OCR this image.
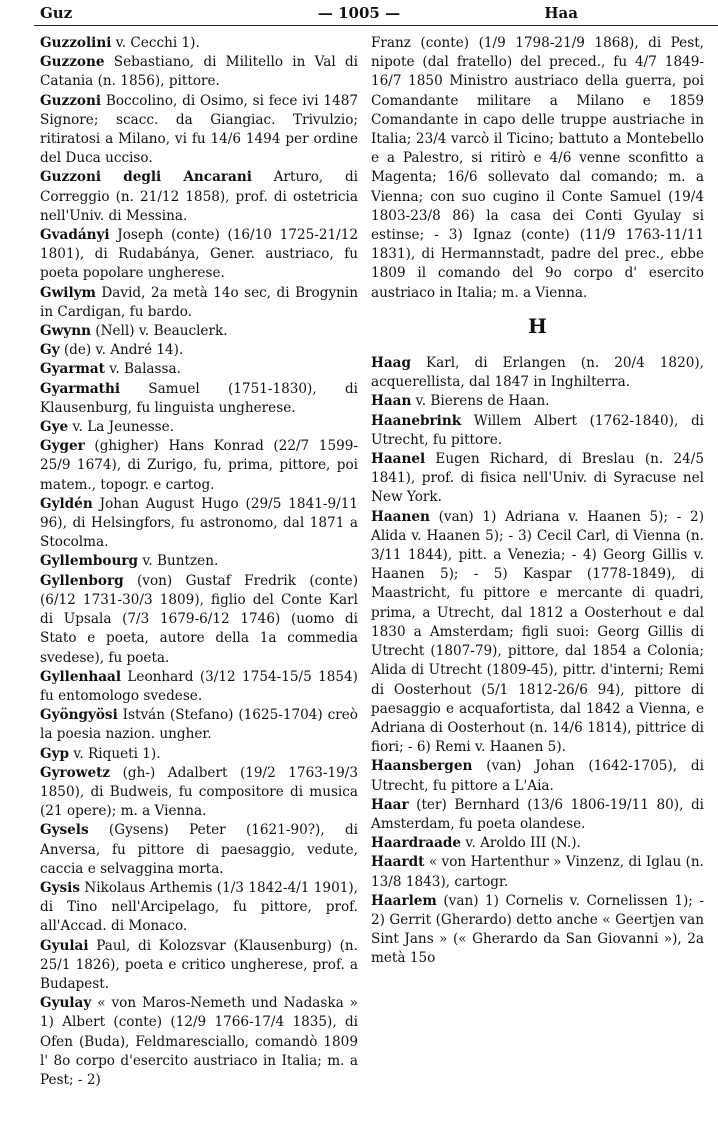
Guz	— 1005 —	Haa

Guzzolini v. Cecchi 1).

Guzzone Sebastiano, di Militello in Val di Catania (n. 1856), pittore.

Guzzoni Boccolino, di Osimo, si fece ivi 1487 Signore; scacc. da Giangiac. Trivulzio; ritiratosi a Milano, vi fu 14/6 1494 per ordine del Duca ucciso.

Guzzoni degli Ancarani Arturo, di Correggio (n. 21/12 1858), prof. di ostetricia nell'Univ. di Messina.

Gvadányi Joseph (conte) (16/10 1725-21/12 1801), di Rudabánya, Gener. austriaco, fu poeta popolare ungherese.

Gwilym David, 2a metà 14o sec, di Brogynin in Cardigan, fu bardo.

Gwynn (Nell) v. Beauclerk.

Gy (de) v. André 14).

Gyarmat v. Balassa.

Gyarmathi Samuel (1751-1830), di Klausenburg, fu linguista ungherese.

Gye v. La Jeunesse.

Gyger (ghigher) Hans Konrad (22/7 1599-25/9 1674), di Zurigo, fu, prima, pittore, poi matem., topogr. e cartog.

Gyldén Johan August Hugo (29/5 1841-9/11 96), di Helsingfors, fu astronomo, dal 1871 a Stocolma.

Gyllembourg v. Buntzen.

Gyllenborg (von) Gustaf Fredrik (conte) (6/12 1731-30/3 1809), figlio del Conte Karl di Upsala (7/3 1679-6/12 1746) (uomo di Stato e poeta, autore della 1a commedia svedese), fu poeta.

Gyllenhaal Leonhard (3/12 1754-15/5 1854) fu entomologo svedese.

Gyöngyösi István (Stefano) (1625-1704) creò la poesia nazion. ungher.

Gyp v. Riqueti 1).

Gyrowetz (gh-) Adalbert (19/2 1763-19/3 1850), di Budweis, fu compositore di musica (21 opere); m. a Vienna.

Gysels (Gysens) Peter (1621-90?), di Anversa, fu pittore di paesaggio, vedute, caccia e selvaggina morta.

Gysis Nikolaus Arthemis (1/3 1842-4/1 1901), di Tino nell'Arcipelago, fu pittore, prof. all'Accad. di Monaco.

Gyulai Paul, di Kolozsvar (Klausenburg) (n. 25/1 1826), poeta e critico ungherese, prof. a Budapest.

Gyulay « von Maros-Nemeth und Nadaska » 1) Albert (conte) (12/9 1766-17/4 1835), di Ofen (Buda), Feldmaresciallo, comandò 1809 l' 8o corpo d'esercito austriaco in Italia; m. a Pest; - 2)

Franz (conte) (1/9 1798-21/9 1868), di Pest, nipote (dal fratello) del preced., fu 4/7 1849-16/7 1850 Ministro austriaco della guerra, poi Comandante militare a Milano e 1859 Comandante in capo delle truppe austriache in Italia; 23/4 varcò il Ticino; battuto a Montebello e a Palestro, si ritirò e 4/6 venne sconfitto a Magenta; 16/6 sollevato dal comando; m. a Vienna; con suo cugino il Conte Samuel (19/4 1803-23/8 86) la casa dei Conti Gyulay si estinse; - 3) Ignaz (conte) (11/9 1763-11/11 1831), di Hermannstadt, padre del prec., ebbe 1809 il comando del 9o corpo d' esercito austriaco in Italia; m. a Vienna.

H

Haag Karl, di Erlangen (n. 20/4 1820), acquerellista, dal 1847 in Inghilterra.

Haan v. Bierens de Haan.

Haanebrink Willem Albert (1762-1840), di Utrecht, fu pittore.

Haanel Eugen Richard, di Breslau (n. 24/5 1841), prof. di fisica nell'Univ. di Syracuse nel New York.

Haanen (van) 1) Adriana v. Haanen 5); - 2) Alida v. Haanen 5); - 3) Cecil Carl, di Vienna (n. 3/11 1844), pitt. a Venezia; - 4) Georg Gillis v. Haanen 5); - 5) Kaspar (1778-1849), di Maastricht, fu pittore e mercante di quadri, prima, a Utrecht, dal 1812 a Oosterhout e dal 1830 a Amsterdam; figli suoi: Georg Gillis di Utrecht (1807-79), pittore, dal 1854 a Colonia; Alida di Utrecht (1809-45), pittr. d'interni; Remi di Oosterhout (5/1 1812-26/6 94), pittore di paesaggio e acquafortista, dal 1842 a Vienna, e Adriana di Oosterhout (n. 14/6 1814), pittrice di fiori; - 6) Remi v. Haanen 5).

Haansbergen (van) Johan (1642-1705), di Utrecht, fu pittore a L'Aia.

Haar (ter) Bernhard (13/6 1806-19/11 80), di Amsterdam, fu poeta olandese.

Haardraade v. Aroldo III (N.).

Haardt « von Hartenthur » Vinzenz, di Iglau (n. 13/8 1843), cartogr.

Haarlem (van) 1) Cornelis v. Cornelissen 1); - 2) Gerrit (Gherardo) detto anche « Geertjen van Sint Jans » (« Gherardo da San Giovanni »), 2a metà 15o
